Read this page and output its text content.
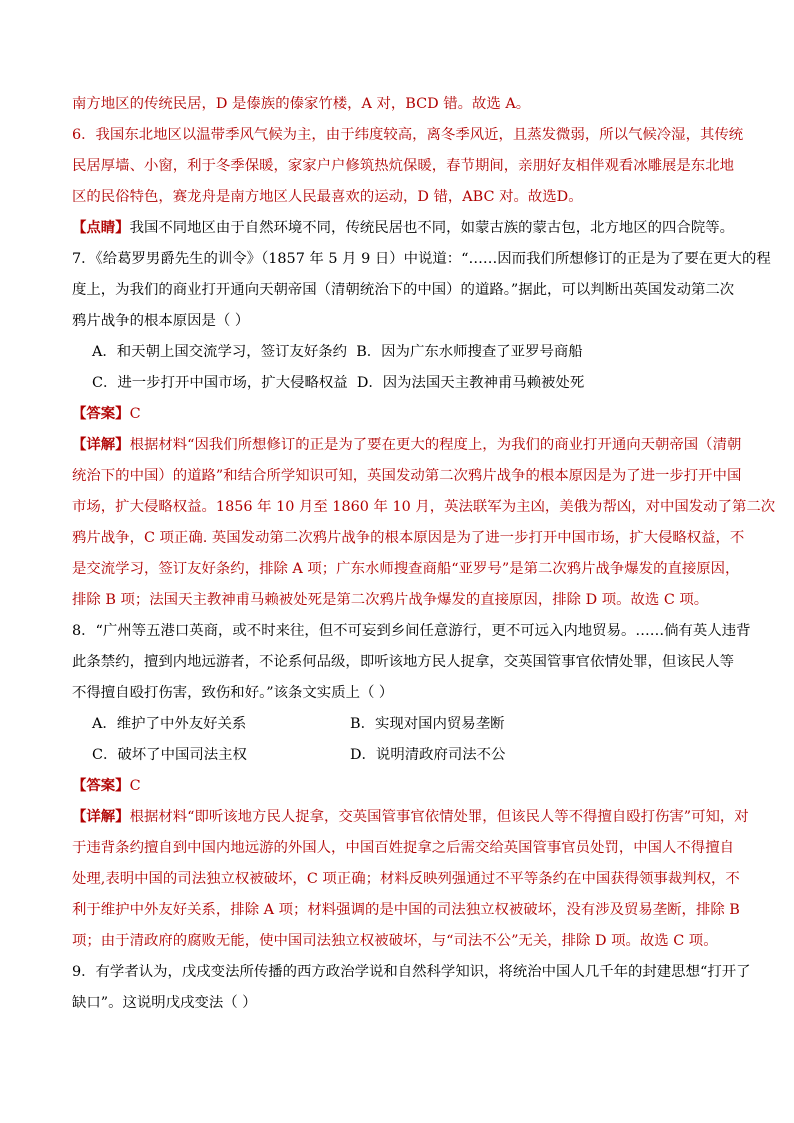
南方地区的传统民居，D 是傣族的傣家竹楼，A 对，BCD 错。故选 A。

6．我国东北地区以温带季风气候为主，由于纬度较高，离冬季风近，且蒸发微弱，所以气候冷湿，其传统

民居厚墙、小窗，利于冬季保暖，家家户户修筑热炕保暖，春节期间，亲朋好友相伴观看冰雕展是东北地

区的民俗特色，赛龙舟是南方地区人民最喜欢的运动，D 错，ABC 对。故选D。

【点睛】我国不同地区由于自然环境不同，传统民居也不同，如蒙古族的蒙古包，北方地区的四合院等。

7．《给葛罗男爵先生的训令》（1857 年 5 月 9 日）中说道：“……因而我们所想修订的正是为了要在更大的程

度上，为我们的商业打开通向天朝帝国（清朝统治下的中国）的道路。”据此，可以判断出英国发动第二次

鸦片战争的根本原因是（ ）

A．和天朝上国交流学习，签订友好条约 B．因为广东水师搜查了亚罗号商船

C．进一步打开中国市场，扩大侵略权益 D．因为法国天主教神甫马赖被处死

【答案】C

【详解】根据材料“因我们所想修订的正是为了要在更大的程度上，为我们的商业打开通向天朝帝国（清朝

统治下的中国）的道路”和结合所学知识可知，英国发动第二次鸦片战争的根本原因是为了进一步打开中国

市场，扩大侵略权益。1856 年 10 月至 1860 年 10 月，英法联军为主凶，美俄为帮凶，对中国发动了第二次

鸦片战争，C 项正确. 英国发动第二次鸦片战争的根本原因是为了进一步打开中国市场，扩大侵略权益，不

是交流学习，签订友好条约，排除 A 项；广东水师搜查商船“亚罗号”是第二次鸦片战争爆发的直接原因，

排除 B 项；法国天主教神甫马赖被处死是第二次鸦片战争爆发的直接原因，排除 D 项。故选 C 项。

8．“广州等五港口英商，或不时来往，但不可妄到乡间任意游行，更不可远入内地贸易。……倘有英人违背

此条禁约，擅到内地远游者，不论系何品级，即听该地方民人捉拿，交英国管事官依情处罪，但该民人等

不得擅自殴打伤害，致伤和好。”该条文实质上（ ）

A．维护了中外友好关系	B．实现对国内贸易垄断

C．破坏了中国司法主权	D．说明清政府司法不公

【答案】C

【详解】根据材料“即听该地方民人捉拿，交英国管事官依情处罪，但该民人等不得擅自殴打伤害”可知，对

于违背条约擅自到中国内地远游的外国人，中国百姓捉拿之后需交给英国管事官员处罚，中国人不得擅自

处理,表明中国的司法独立权被破坏，C 项正确；材料反映列强通过不平等条约在中国获得领事裁判权，不

利于维护中外友好关系，排除 A 项；材料强调的是中国的司法独立权被破坏，没有涉及贸易垄断，排除 B

项；由于清政府的腐败无能，使中国司法独立权被破坏，与“司法不公”无关，排除 D 项。故选 C 项。

9．有学者认为，戊戌变法所传播的西方政治学说和自然科学知识，将统治中国人几千年的封建思想“打开了

缺口”。这说明戊戌变法（ ）
